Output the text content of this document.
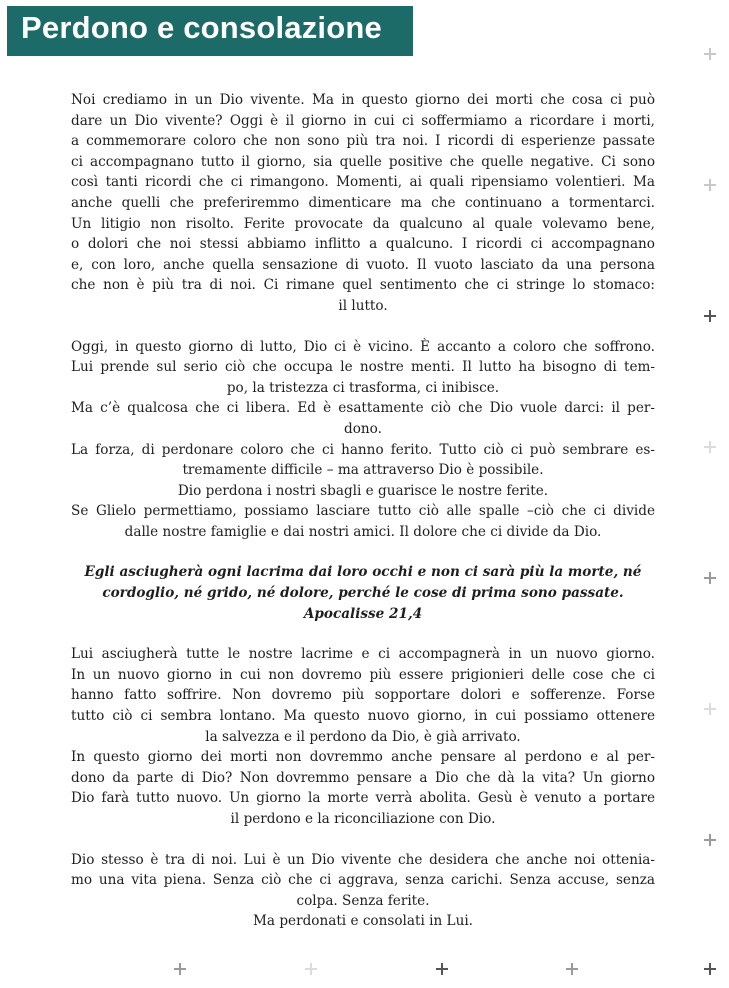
Perdono e consolazione

Noi crediamo in un Dio vivente. Ma in questo giorno dei morti che cosa ci può
dare un Dio vivente? Oggi è il giorno in cui ci soffermiamo a ricordare i morti,
a commemorare coloro che non sono più tra noi. I ricordi di esperienze passate
ci accompagnano tutto il giorno, sia quelle positive che quelle negative. Ci sono
così tanti ricordi che ci rimangono. Momenti, ai quali ripensiamo volentieri. Ma
anche quelli che preferiremmo dimenticare ma che continuano a tormentarci.
Un litigio non risolto. Ferite provocate da qualcuno al quale volevamo bene,
o dolori che noi stessi abbiamo inflitto a qualcuno. I ricordi ci accompagnano
e, con loro, anche quella sensazione di vuoto. Il vuoto lasciato da una persona
che non è più tra di noi. Ci rimane quel sentimento che ci stringe lo stomaco:
il lutto.

Oggi, in questo giorno di lutto, Dio ci è vicino. È accanto a coloro che soffrono.
Lui prende sul serio ciò che occupa le nostre menti. Il lutto ha bisogno di tem-
po, la tristezza ci trasforma, ci inibisce.
Ma c’è qualcosa che ci libera. Ed è esattamente ciò che Dio vuole darci: il per-
dono.
La forza, di perdonare coloro che ci hanno ferito. Tutto ciò ci può sembrare es-
tremamente difficile – ma attraverso Dio è possibile.
Dio perdona i nostri sbagli e guarisce le nostre ferite.
Se Glielo permettiamo, possiamo lasciare tutto ciò alle spalle –ciò che ci divide
dalle nostre famiglie e dai nostri amici. Il dolore che ci divide da Dio.

Egli asciugherà ogni lacrima dai loro occhi e non ci sarà più la morte, né
cordoglio, né grido, né dolore, perché le cose di prima sono passate.
Apocalisse 21,4

Lui asciugherà tutte le nostre lacrime e ci accompagnerà in un nuovo giorno.
In un nuovo giorno in cui non dovremo più essere prigionieri delle cose che ci
hanno fatto soffrire. Non dovremo più sopportare dolori e sofferenze. Forse
tutto ciò ci sembra lontano. Ma questo nuovo giorno, in cui possiamo ottenere
la salvezza e il perdono da Dio, è già arrivato.
In questo giorno dei morti non dovremmo anche pensare al perdono e al per-
dono da parte di Dio? Non dovremmo pensare a Dio che dà la vita? Un giorno
Dio farà tutto nuovo. Un giorno la morte verrà abolita. Gesù è venuto a portare
il perdono e la riconciliazione con Dio.

Dio stesso è tra di noi. Lui è un Dio vivente che desidera che anche noi ottenia-
mo una vita piena. Senza ciò che ci aggrava, senza carichi. Senza accuse, senza
colpa. Senza ferite.
Ma perdonati e consolati in Lui.
